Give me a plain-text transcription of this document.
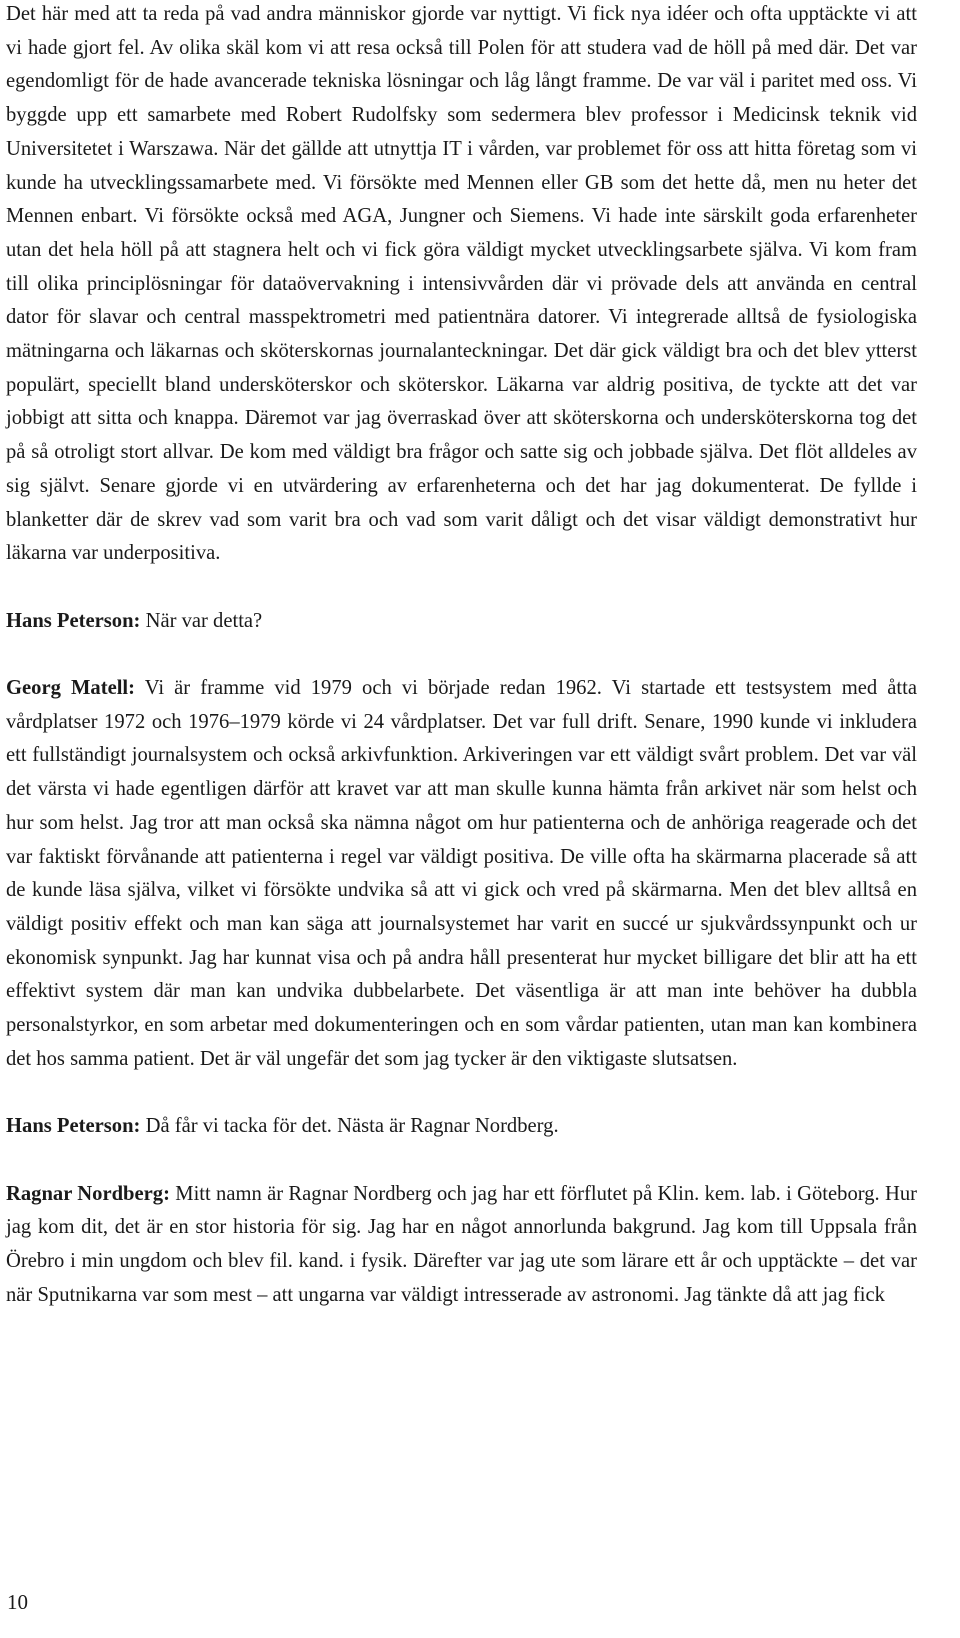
Det här med att ta reda på vad andra människor gjorde var nyttigt. Vi fick nya idéer och ofta upptäckte vi att vi hade gjort fel. Av olika skäl kom vi att resa också till Polen för att studera vad de höll på med där. Det var egendomligt för de hade avancerade tekniska lösningar och låg långt framme. De var väl i paritet med oss. Vi byggde upp ett samarbete med Robert Rudolfsky som sedermera blev professor i Medicinsk teknik vid Universitetet i Warszawa. När det gällde att utnyttja IT i vården, var problemet för oss att hitta företag som vi kunde ha utvecklingssamarbete med. Vi försökte med Mennen eller GB som det hette då, men nu heter det Mennen enbart. Vi försökte också med AGA, Jungner och Siemens. Vi hade inte särskilt goda erfarenheter utan det hela höll på att stagnera helt och vi fick göra väldigt mycket utvecklingsarbete själva. Vi kom fram till olika principlösningar för dataövervakning i intensivvården där vi prövade dels att använda en central dator för slavar och central masspektrometri med patientnära datorer. Vi integrerade alltså de fysiologiska mätningarna och läkarnas och sköterskornas journalanteckningar. Det där gick väldigt bra och det blev ytterst populärt, speciellt bland undersköterskor och sköterskor. Läkarna var aldrig positiva, de tyckte att det var jobbigt att sitta och knappa. Däremot var jag överraskad över att sköterskorna och undersköterskorna tog det på så otroligt stort allvar. De kom med väldigt bra frågor och satte sig och jobbade själva. Det flöt alldeles av sig självt. Senare gjorde vi en utvärdering av erfarenheterna och det har jag dokumenterat. De fyllde i blanketter där de skrev vad som varit bra och vad som varit dåligt och det visar väldigt demonstrativt hur läkarna var underpositiva.

Hans Peterson: När var detta?

Georg Matell: Vi är framme vid 1979 och vi började redan 1962. Vi startade ett testsystem med åtta vårdplatser 1972 och 1976–1979 körde vi 24 vårdplatser. Det var full drift. Senare, 1990 kunde vi inkludera ett fullständigt journalsystem och också arkivfunktion. Arkiveringen var ett väldigt svårt problem. Det var väl det värsta vi hade egentligen därför att kravet var att man skulle kunna hämta från arkivet när som helst och hur som helst. Jag tror att man också ska nämna något om hur patienterna och de anhöriga reagerade och det var faktiskt förvånande att patienterna i regel var väldigt positiva. De ville ofta ha skärmarna placerade så att de kunde läsa själva, vilket vi försökte undvika så att vi gick och vred på skärmarna. Men det blev alltså en väldigt positiv effekt och man kan säga att journalsystemet har varit en succé ur sjukvårdssynpunkt och ur ekonomisk synpunkt. Jag har kunnat visa och på andra håll presenterat hur mycket billigare det blir att ha ett effektivt system där man kan undvika dubbelarbete. Det väsentliga är att man inte behöver ha dubbla personalstyrkor, en som arbetar med dokumenteringen och en som vårdar patienten, utan man kan kombinera det hos samma patient. Det är väl ungefär det som jag tycker är den viktigaste slutsatsen.

Hans Peterson: Då får vi tacka för det. Nästa är Ragnar Nordberg.

Ragnar Nordberg: Mitt namn är Ragnar Nordberg och jag har ett förflutet på Klin. kem. lab. i Göteborg. Hur jag kom dit, det är en stor historia för sig. Jag har en något annorlunda bakgrund. Jag kom till Uppsala från Örebro i min ungdom och blev fil. kand. i fysik. Därefter var jag ute som lärare ett år och upptäckte – det var när Sputnikarna var som mest – att ungarna var väldigt intresserade av astronomi. Jag tänkte då att jag fick

10
